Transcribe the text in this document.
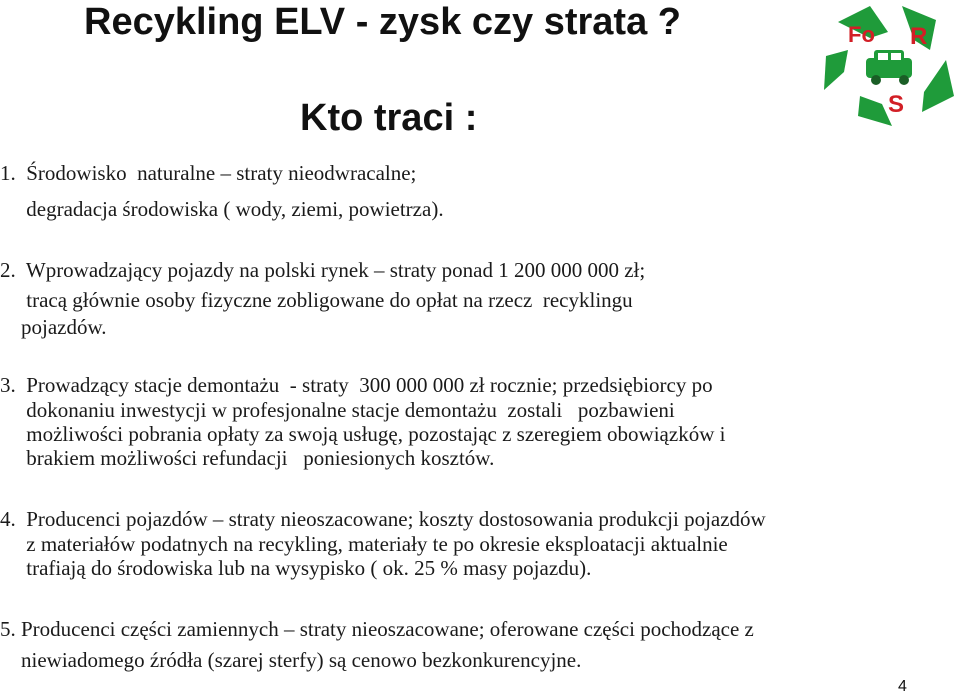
Recykling ELV - zysk czy strata ?
Kto traci :
Fo R
S
1.  Środowisko  naturalne – straty nieodwracalne;
degradacja środowiska ( wody, ziemi, powietrza).
2.  Wprowadzający pojazdy na polski rynek – straty ponad 1 200 000 000 zł;
tracą głównie osoby fizyczne zobligowane do opłat na rzecz  recyklingu
pojazdów.
3.  Prowadzący stacje demontażu  - straty  300 000 000 zł rocznie; przedsiębiorcy po
dokonaniu inwestycji w profesjonalne stacje demontażu  zostali   pozbawieni
możliwości pobrania opłaty za swoją usługę, pozostając z szeregiem obowiązków i
brakiem możliwości refundacji   poniesionych kosztów.
4.  Producenci pojazdów – straty nieoszacowane; koszty dostosowania produkcji pojazdów
z materiałów podatnych na recykling, materiały te po okresie eksploatacji aktualnie
trafiają do środowiska lub na wysypisko ( ok. 25 % masy pojazdu).
5. Producenci części zamiennych – straty nieoszacowane; oferowane części pochodzące z
niewiadomego źródła (szarej sterfy) są cenowo bezkonkurencyjne.
4
